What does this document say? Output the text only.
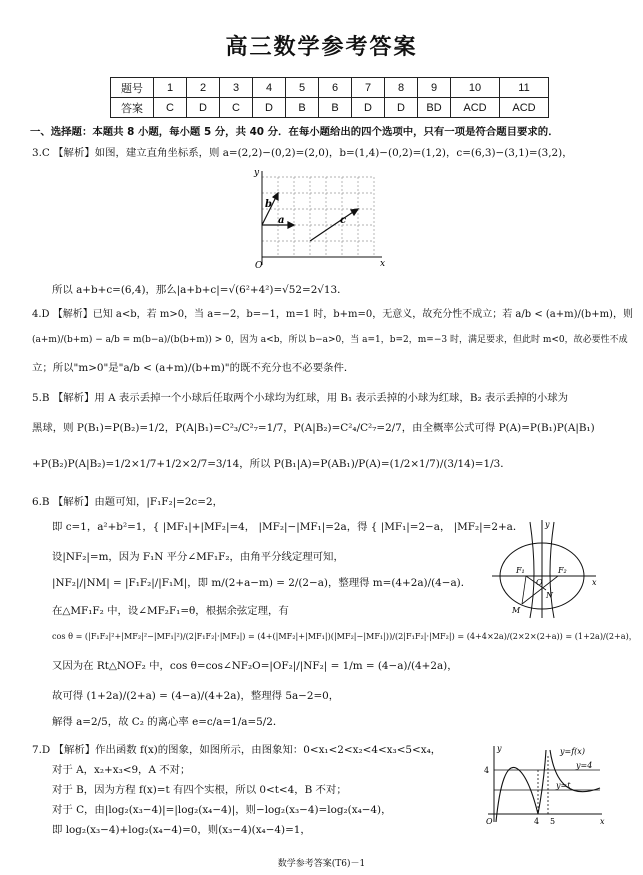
高三数学参考答案
题号	1	2	3	4	5	6	7	8	9	10	11
答案	C	D	C	D	B	B	D	D	BD	ACD	ACD
一、选择题：本题共 8 小题，每小题 5 分，共 40 分．在每小题给出的四个选项中，只有一项是符合题目要求的．
3.C 【解析】如图，建立直角坐标系，则 a=(2,2)−(0,2)=(2,0)，b=(1,4)−(0,2)=(1,2)，c=(6,3)−(3,1)=(3,2)，
y
x
O
a
b
c
所以 a+b+c=(6,4)，那么|a+b+c|=√(6²+4²)=√52=2√13．
4.D 【解析】已知 a<b，若 m>0，当 a=−2，b=−1，m=1 时，b+m=0，无意义，故充分性不成立；若 a/b < (a+m)/(b+m)，则
(a+m)/(b+m) − a/b = m(b−a)/(b(b+m)) > 0，因为 a<b，所以 b−a>0，当 a=1，b=2，m=−3 时，满足要求，但此时 m<0，故必要性不成
立；所以"m>0"是"a/b < (a+m)/(b+m)"的既不充分也不必要条件．
5.B 【解析】用 A 表示丢掉一个小球后任取两个小球均为红球，用 B₁ 表示丢掉的小球为红球，B₂ 表示丢掉的小球为
黑球，则 P(B₁)=P(B₂)=1/2，P(A|B₁)=C²₃/C²₇=1/7，P(A|B₂)=C²₄/C²₇=2/7，由全概率公式可得 P(A)=P(B₁)P(A|B₁)
+P(B₂)P(A|B₂)=1/2×1/7+1/2×2/7=3/14，所以 P(B₁|A)=P(AB₁)/P(A)=(1/2×1/7)/(3/14)=1/3．
6.B 【解析】由题可知，|F₁F₂|=2c=2，
即 c=1，a²+b²=1，{ |MF₁|+|MF₂|=4， |MF₂|−|MF₁|=2a，得 { |MF₁|=2−a， |MF₂|=2+a．
设|NF₂|=m，因为 F₁N 平分∠MF₁F₂，由角平分线定理可知，
|NF₂|/|NM| = |F₁F₂|/|F₁M|，即 m/(2+a−m) = 2/(2−a)，整理得 m=(4+2a)/(4−a)．
在△MF₁F₂ 中，设∠MF₂F₁=θ，根据余弦定理，有
cos θ = (|F₁F₂|²+|MF₂|²−|MF₁|²)/(2|F₁F₂|·|MF₂|) = (4+(|MF₂|+|MF₁|)(|MF₂|−|MF₁|))/(2|F₁F₂|·|MF₂|) = (4+4×2a)/(2×2×(2+a)) = (1+2a)/(2+a)，
又因为在 Rt△NOF₂ 中，cos θ=cos∠NF₂O=|OF₂|/|NF₂| = 1/m = (4−a)/(4+2a)，
故可得 (1+2a)/(2+a) = (4−a)/(4+2a)，整理得 5a−2=0，
解得 a=2/5，故 C₂ 的离心率 e=c/a=1/a=5/2．
x
y
O
F₁	F₂
M
N
7.D 【解析】作出函数 f(x)的图象，如图所示，由图象知：0<x₁<2<x₂<4<x₃<5<x₄，
对于 A，x₂+x₃<9，A 不对；
对于 B，因为方程 f(x)=t 有四个实根，所以 0<t<4，B 不对；
对于 C，由|log₂(x₃−4)|=|log₂(x₄−4)|，则−log₂(x₃−4)=log₂(x₄−4)，
即 log₂(x₃−4)+log₂(x₄−4)=0，则(x₃−4)(x₄−4)=1，
x
y
O
4
4 5
y=f(x)
y=4
y=t
数学参考答案(T6)－1
